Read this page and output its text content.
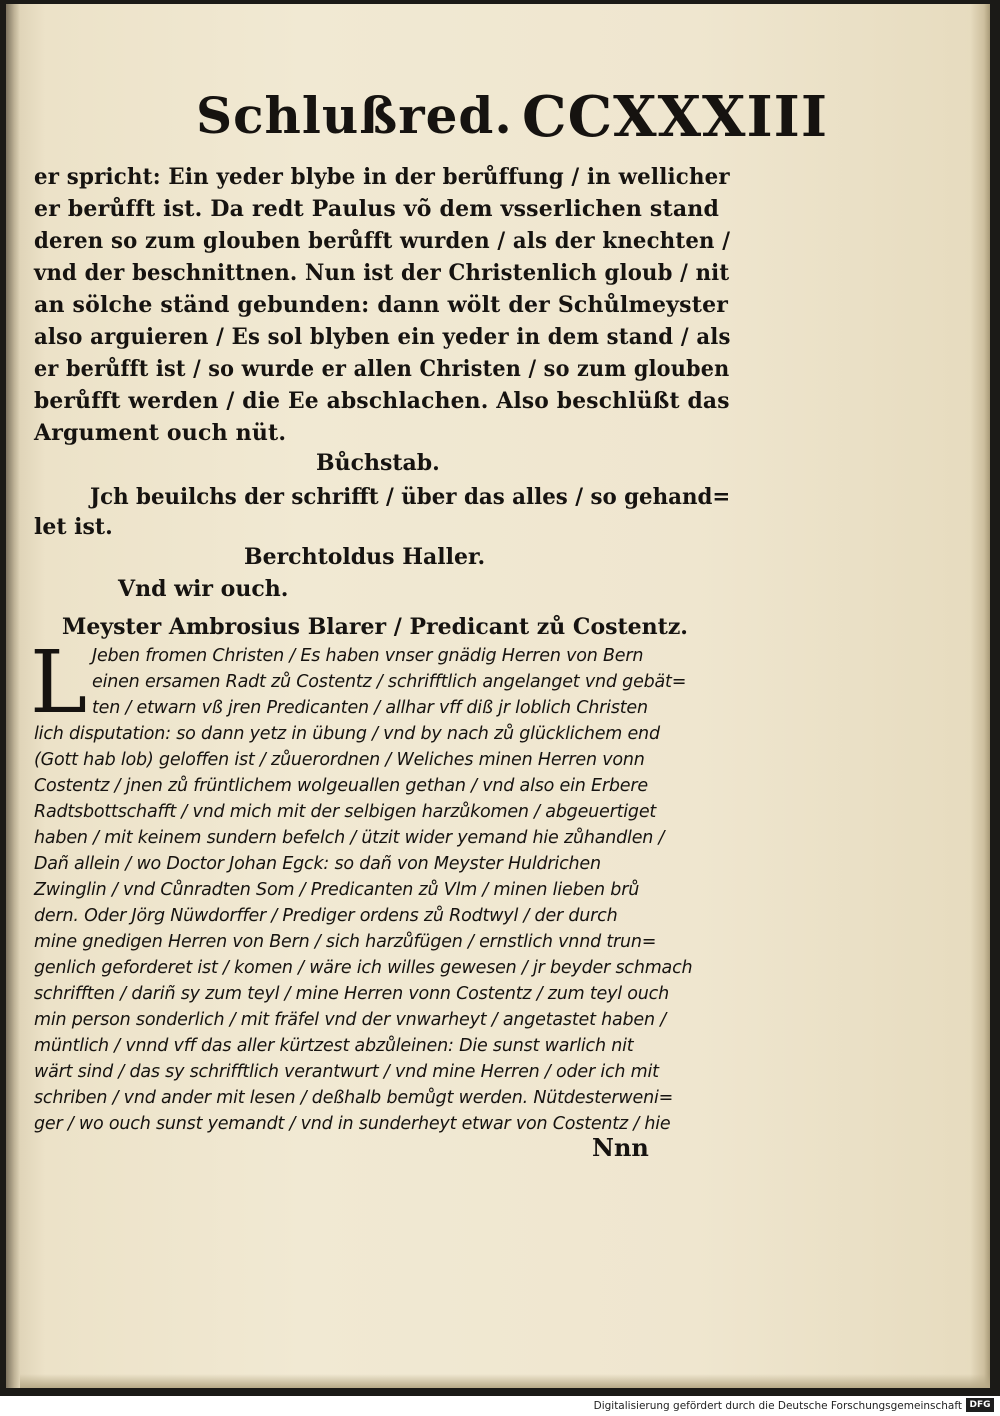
Schlußred. CCXXXIII
er spricht: Ein yeder blybe in der berůffung / in wellicher
er berůfft ist. Da redt Paulus võ dem vsserlichen stand
deren so zum glouben berůfft wurden / als der knechten /
vnd der beschnittnen. Nun ist der Christenlich gloub / nit
an sölche ständ gebunden: dann wölt der Schůlmeyster
also arguieren / Es sol blyben ein yeder in dem stand / als
er berůfft ist / so wurde er allen Christen / so zum glouben
berůfft werden / die Ee abschlachen. Also beschlüßt das
Argument ouch nüt.
Bůchstab.
Jch beuilchs der schrifft / über das alles / so gehand=
let ist.
Berchtoldus Haller.
Vnd wir ouch.
Meyster Ambrosius Blarer / Predicant zů Costentz.
L Jeben fromen Christen / Es haben vnser gnädig Herren von Bern
einen ersamen Radt zů Costentz / schrifftlich angelanget vnd gebät=
ten / etwarn vß jren Predicanten / allhar vff diß jr loblich Christen
lich disputation: so dann yetz in übung / vnd by nach zů glücklichem end
(Gott hab lob) geloffen ist / zůuerordnen / Weliches minen Herren vonn
Costentz / jnen zů früntlichem wolgeuallen gethan / vnd also ein Erbere
Radtsbottschafft / vnd mich mit der selbigen harzůkomen / abgeuertiget
haben / mit keinem sundern befelch / ützit wider yemand hie zůhandlen /
Dañ allein / wo Doctor Johan Egck: so dañ von Meyster Huldrichen
Zwinglin / vnd Cůnradten Som / Predicanten zů Vlm / minen lieben brů
dern. Oder Jörg Nüwdorffer / Prediger ordens zů Rodtwyl / der durch
mine gnedigen Herren von Bern / sich harzůfügen / ernstlich vnnd trun=
genlich geforderet ist / komen / wäre ich willes gewesen / jr beyder schmach
schrifften / dariñ sy zum teyl / mine Herren vonn Costentz / zum teyl ouch
min person sonderlich / mit fräfel vnd der vnwarheyt / angetastet haben /
müntlich / vnnd vff das aller kürtzest abzůleinen: Die sunst warlich nit
wärt sind / das sy schrifftlich verantwurt / vnd mine Herren / oder ich mit
schriben / vnd ander mit lesen / deßhalb bemůgt werden. Nütdesterweni=
ger / wo ouch sunst yemandt / vnd in sunderheyt etwar von Costentz / hie
Nnn
Digitalisierung gefördert durch die Deutsche Forschungsgemeinschaft DFG
